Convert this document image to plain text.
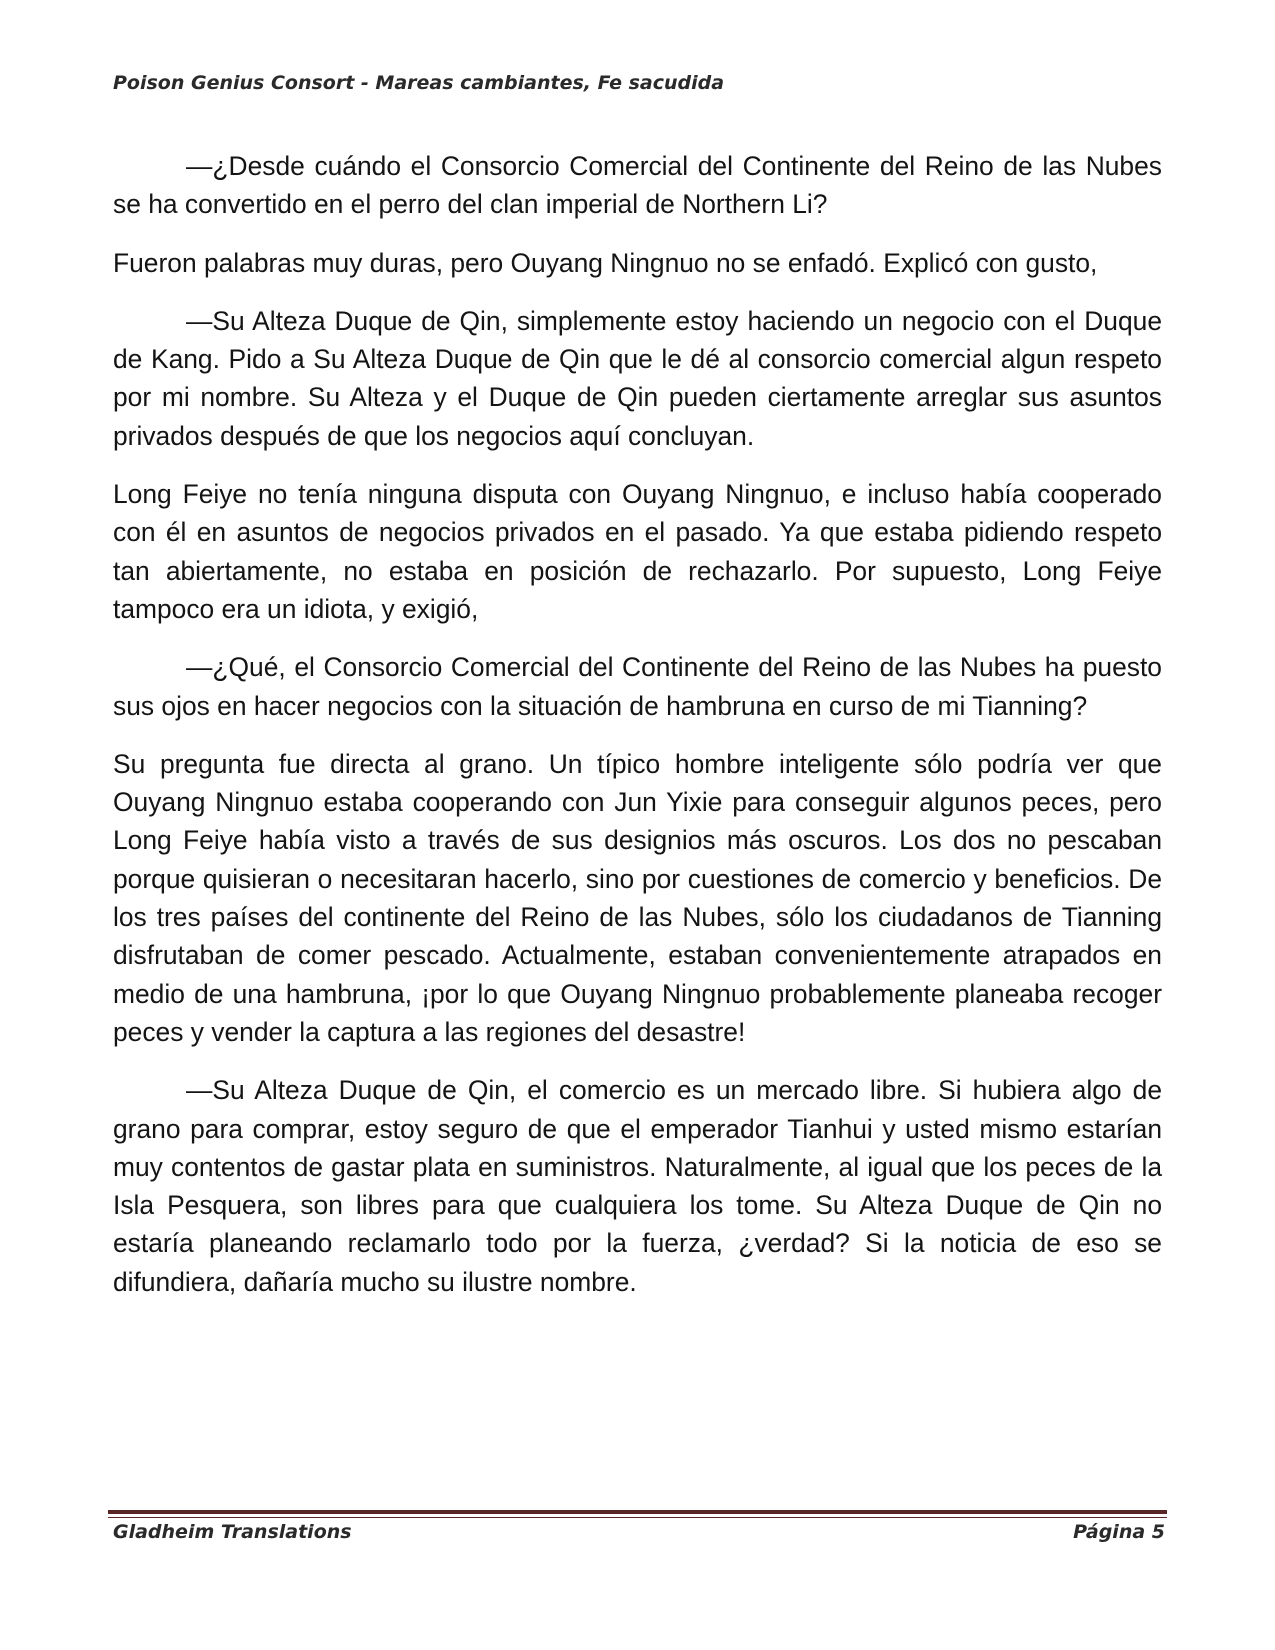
Poison Genius Consort - Mareas cambiantes, Fe sacudida

—¿Desde cuándo el Consorcio Comercial del Continente del Reino de las Nubes se ha convertido en el perro del clan imperial de Northern Li?

Fueron palabras muy duras, pero Ouyang Ningnuo no se enfadó. Explicó con gusto,

—Su Alteza Duque de Qin, simplemente estoy haciendo un negocio con el Duque de Kang. Pido a Su Alteza Duque de Qin que le dé al consorcio comercial algun respeto por mi nombre. Su Alteza y el Duque de Qin pueden ciertamente arreglar sus asuntos privados después de que los negocios aquí concluyan.

Long Feiye no tenía ninguna disputa con Ouyang Ningnuo, e incluso había cooperado con él en asuntos de negocios privados en el pasado. Ya que estaba pidiendo respeto tan abiertamente, no estaba en posición de rechazarlo. Por supuesto, Long Feiye tampoco era un idiota, y exigió,

—¿Qué, el Consorcio Comercial del Continente del Reino de las Nubes ha puesto sus ojos en hacer negocios con la situación de hambruna en curso de mi Tianning?

Su pregunta fue directa al grano. Un típico hombre inteligente sólo podría ver que Ouyang Ningnuo estaba cooperando con Jun Yixie para conseguir algunos peces, pero Long Feiye había visto a través de sus designios más oscuros. Los dos no pescaban porque quisieran o necesitaran hacerlo, sino por cuestiones de comercio y beneficios. De los tres países del continente del Reino de las Nubes, sólo los ciudadanos de Tianning disfrutaban de comer pescado. Actualmente, estaban convenientemente atrapados en medio de una hambruna, ¡por lo que Ouyang Ningnuo probablemente planeaba recoger peces y vender la captura a las regiones del desastre!

—Su Alteza Duque de Qin, el comercio es un mercado libre. Si hubiera algo de grano para comprar, estoy seguro de que el emperador Tianhui y usted mismo estarían muy contentos de gastar plata en suministros. Naturalmente, al igual que los peces de la Isla Pesquera, son libres para que cualquiera los tome. Su Alteza Duque de Qin no estaría planeando reclamarlo todo por la fuerza, ¿verdad? Si la noticia de eso se difundiera, dañaría mucho su ilustre nombre.

Gladheim Translations	Página 5
